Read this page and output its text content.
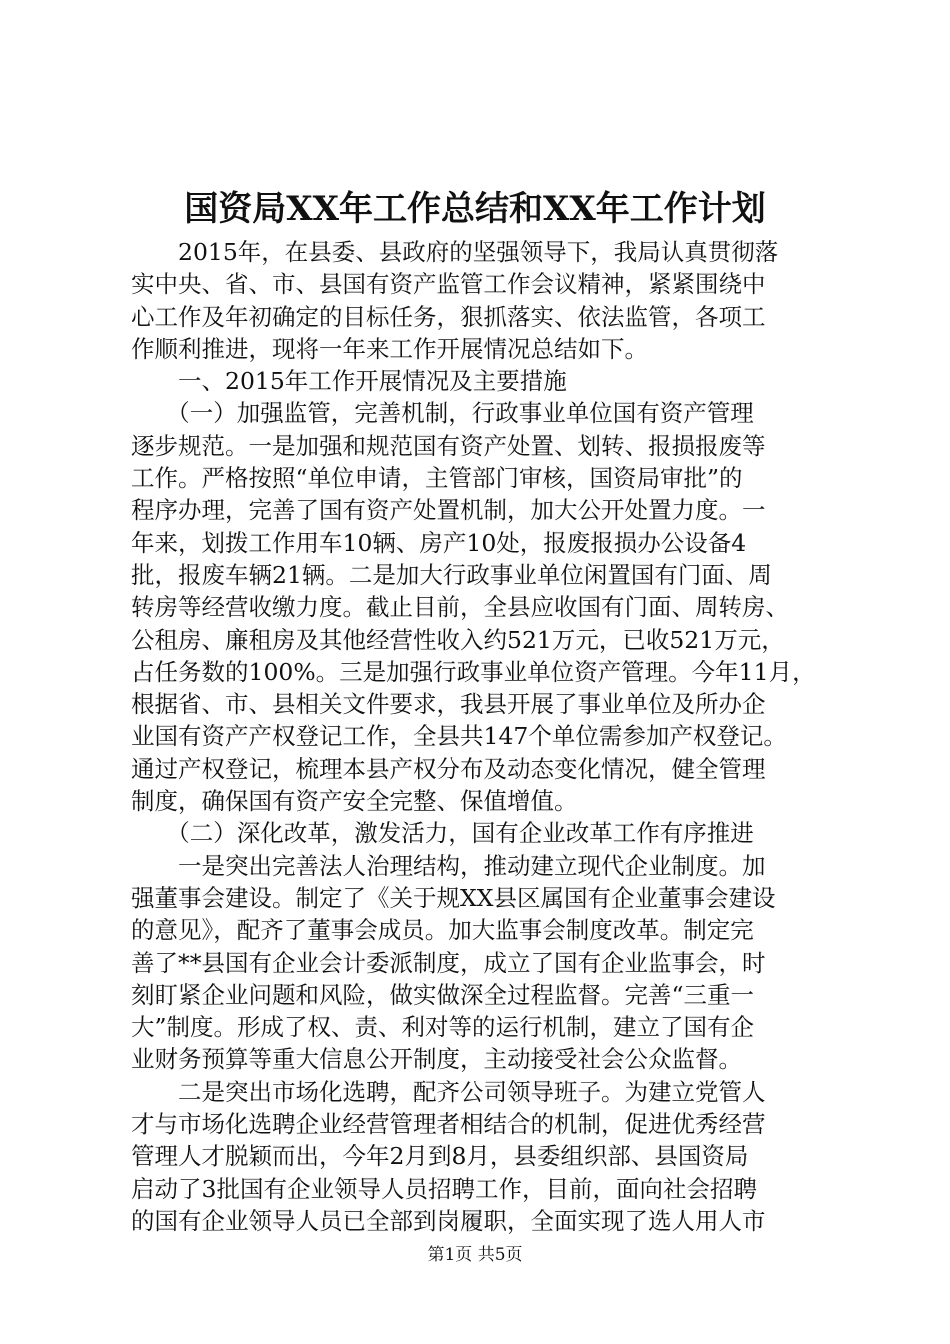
国资局XX年工作总结和XX年工作计划
　　2015年，在县委、县政府的坚强领导下，我局认真贯彻落
实中央、省、市、县国有资产监管工作会议精神，紧紧围绕中
心工作及年初确定的目标任务，狠抓落实、依法监管，各项工
作顺利推进，现将一年来工作开展情况总结如下。
　　一、2015年工作开展情况及主要措施
　　（一）加强监管，完善机制，行政事业单位国有资产管理
逐步规范。一是加强和规范国有资产处置、划转、报损报废等
工作。严格按照“单位申请，主管部门审核，国资局审批”的
程序办理，完善了国有资产处置机制，加大公开处置力度。一
年来，划拨工作用车10辆、房产10处，报废报损办公设备4
批，报废车辆21辆。二是加大行政事业单位闲置国有门面、周
转房等经营收缴力度。截止目前，全县应收国有门面、周转房、
公租房、廉租房及其他经营性收入约521万元，已收521万元，
占任务数的100%。三是加强行政事业单位资产管理。今年11月，
根据省、市、县相关文件要求，我县开展了事业单位及所办企
业国有资产产权登记工作，全县共147个单位需参加产权登记。
通过产权登记，梳理本县产权分布及动态变化情况，健全管理
制度，确保国有资产安全完整、保值增值。
　　（二）深化改革，激发活力，国有企业改革工作有序推进
　　一是突出完善法人治理结构，推动建立现代企业制度。加
强董事会建设。制定了《关于规XX县区属国有企业董事会建设
的意见》，配齐了董事会成员。加大监事会制度改革。制定完
善了**县国有企业会计委派制度，成立了国有企业监事会，时
刻盯紧企业问题和风险，做实做深全过程监督。完善“三重一
大”制度。形成了权、责、利对等的运行机制，建立了国有企
业财务预算等重大信息公开制度，主动接受社会公众监督。
　　二是突出市场化选聘，配齐公司领导班子。为建立党管人
才与市场化选聘企业经营管理者相结合的机制，促进优秀经营
管理人才脱颖而出，今年2月到8月，县委组织部、县国资局
启动了3批国有企业领导人员招聘工作，目前，面向社会招聘
的国有企业领导人员已全部到岗履职，全面实现了选人用人市
第1页 共5页
